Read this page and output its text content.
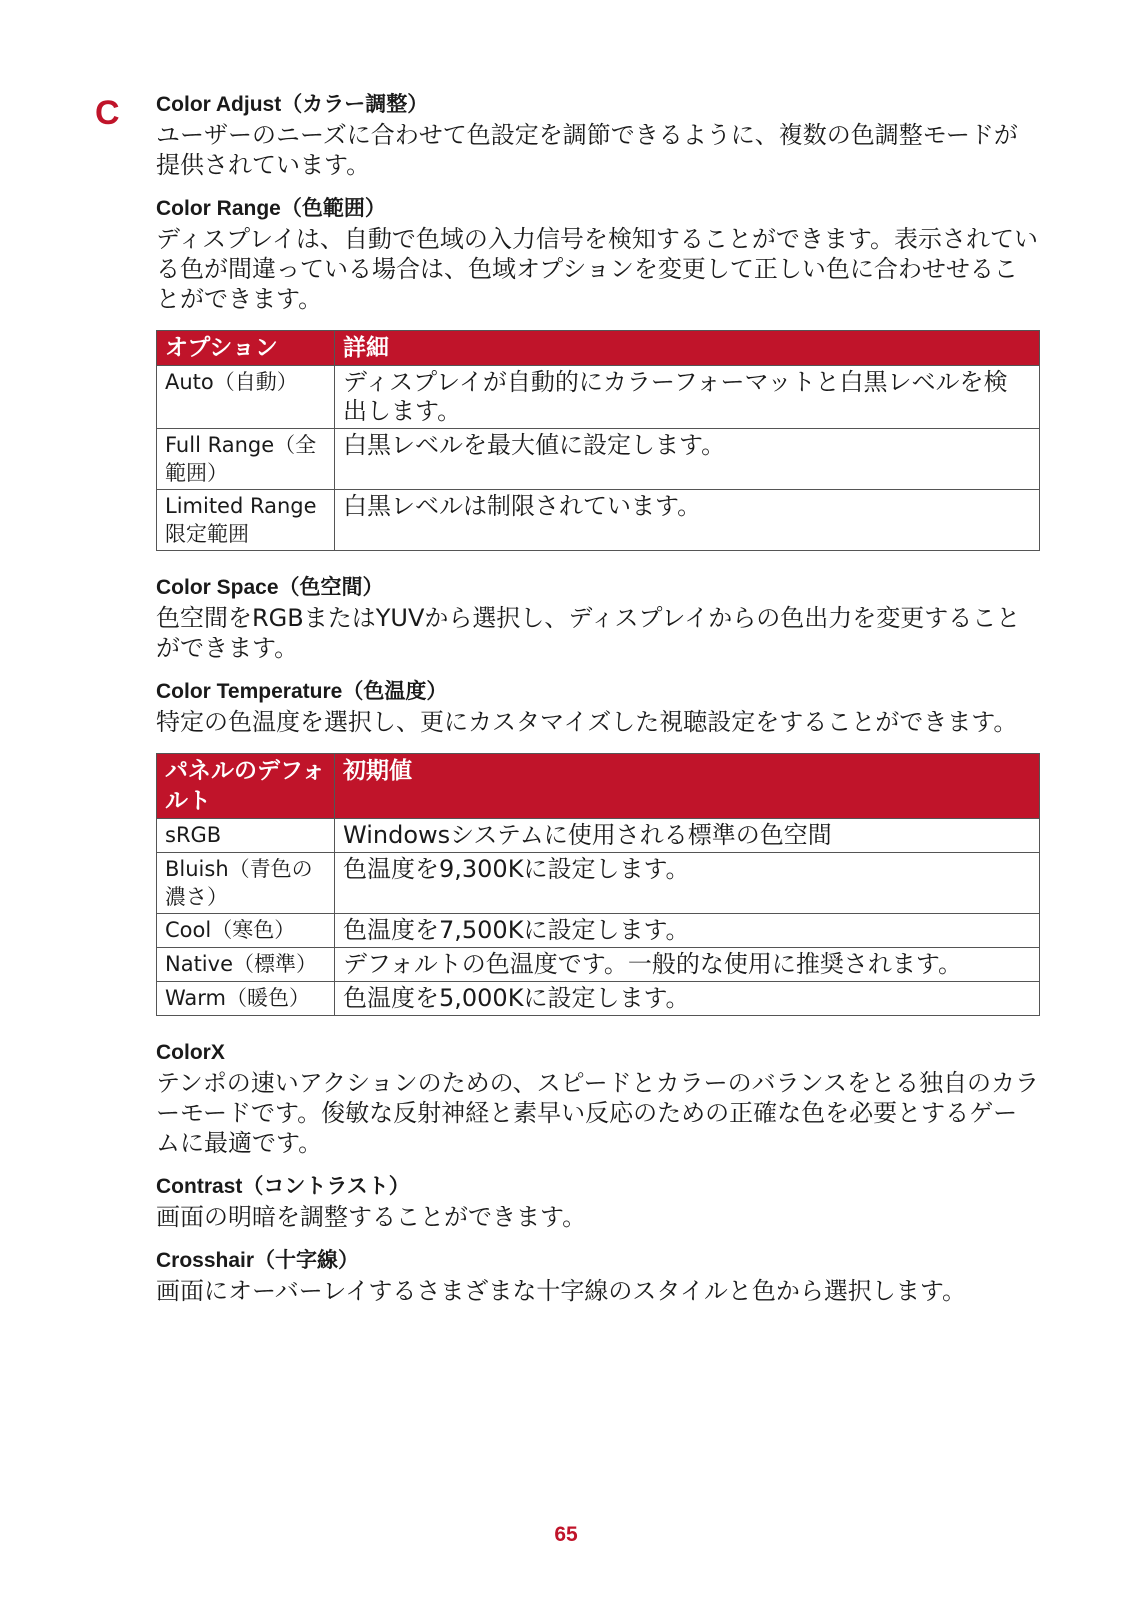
C Color Adjust（カラー調整）

ユーザーのニーズに合わせて色設定を調節できるように、複数の色調整モードが提供されています。

Color Range（色範囲）

ディスプレイは、自動で色域の入力信号を検知することができます。表示されている色が間違っている場合は、色域オプションを変更して正しい色に合わせせることができます。

オプション	詳細
Auto（自動）	ディスプレイが自動的にカラーフォーマットと白黒レベルを検出します。
Full Range（全範囲）	白黒レベルを最大値に設定します。
Limited Range 限定範囲	白黒レベルは制限されています。
Color Space（色空間）

色空間をRGBまたはYUVから選択し、ディスプレイからの色出力を変更することができます。

Color Temperature（色温度）

特定の色温度を選択し、更にカスタマイズした視聴設定をすることができます。

パネルのデフォルト	初期値
sRGB	Windowsシステムに使用される標準の色空間
Bluish（青色の濃さ）	色温度を9,300Kに設定します。
Cool（寒色）	色温度を7,500Kに設定します。
Native（標準）	デフォルトの色温度です。一般的な使用に推奨されます。
Warm（暖色）	色温度を5,000Kに設定します。
ColorX

テンポの速いアクションのための、スピードとカラーのバランスをとる独自のカラーモードです。俊敏な反射神経と素早い反応のための正確な色を必要とするゲームに最適です。

Contrast（コントラスト）

画面の明暗を調整することができます。

Crosshair（十字線）

画面にオーバーレイするさまざまな十字線のスタイルと色から選択します。

65
